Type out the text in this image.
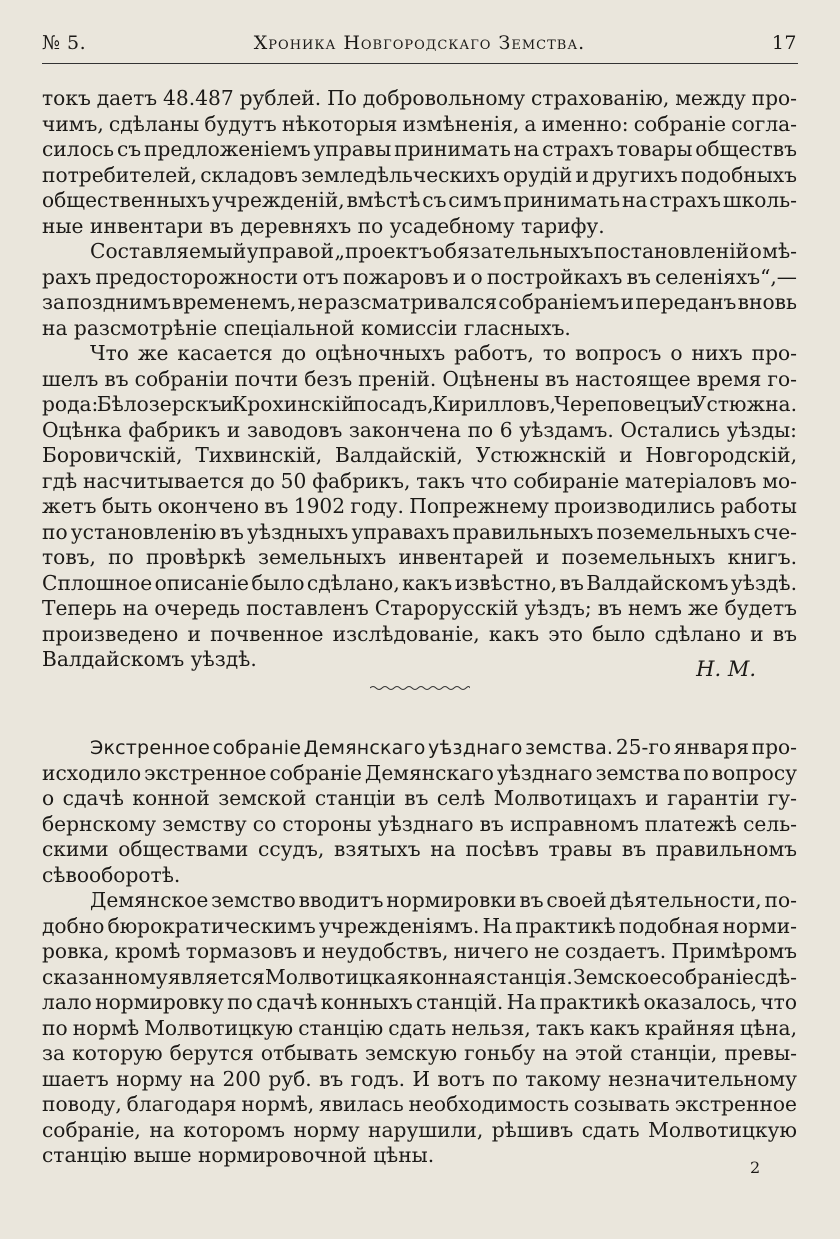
№ 5.	Хроника Новгородскаго Земства.	17
токъ даетъ 48.487 рублей. По добровольному страхованію, между про-
чимъ, сдѣланы будутъ нѣкоторыя измѣненія, а именно: собраніе согла-
силось съ предложеніемъ управы принимать на страхъ товары обществъ
потребителей, складовъ земледѣльческихъ орудій и другихъ подобныхъ
общественныхъ учрежденій, вмѣстѣ съ симъ принимать на страхъ школь-
ные инвентари въ деревняхъ по усадебному тарифу.
Составляемый управой „проектъ обязательныхъ постановленій о мѣ-
рахъ предосторожности отъ пожаровъ и о постройкахъ въ селеніяхъ“,—
за позднимъ временемъ, не разсматривался собраніемъ и переданъ вновь
на разсмотрѣніе спеціальной комиссіи гласныхъ.
Что же касается до оцѣночныхъ работъ, то вопросъ о нихъ про-
шелъ въ собраніи почти безъ преній. Оцѣнены въ настоящее время го-
рода: Бѣлозерскъ и Крохинскій посадъ, Кирилловъ, Череповецъ и Устюжна.
Оцѣнка фабрикъ и заводовъ закончена по 6 уѣздамъ. Остались уѣзды:
Боровичскій, Тихвинскій, Валдайскій, Устюжнскій и Новгородскій,
гдѣ насчитывается до 50 фабрикъ, такъ что собираніе матеріаловъ мо-
жетъ быть окончено въ 1902 году. Попрежнему производились работы
по установленію въ уѣздныхъ управахъ правильныхъ поземельныхъ сче-
товъ, по провѣркѣ земельныхъ инвентарей и поземельныхъ книгъ.
Сплошное описаніе было сдѣлано, какъ извѣстно, въ Валдайскомъ уѣздѣ.
Теперь на очередь поставленъ Старорусскій уѣздъ; въ немъ же будетъ
произведено и почвенное изслѣдованіе, какъ это было сдѣлано и въ
Валдайскомъ уѣздѣ.	Н. М.
Экстренное собраніе Демянскаго уѣзднаго земства. 25-го января про-
исходило экстренное собраніе Демянскаго уѣзднаго земства по вопросу
о сдачѣ конной земской станціи въ селѣ Молвотицахъ и гарантіи гу-
бернскому земству со стороны уѣзднаго въ исправномъ платежѣ сель-
скими обществами ссудъ, взятыхъ на посѣвъ травы въ правильномъ
сѣвооборотѣ.
Демянское земство вводитъ нормировки въ своей дѣятельности, по-
добно бюрократическимъ учрежденіямъ. На практикѣ подобная норми-
ровка, кромѣ тормазовъ и неудобствъ, ничего не создаетъ. Примѣромъ
сказанному является Молвотицкая конная станція. Земское собраніе сдѣ-
лало нормировку по сдачѣ конныхъ станцій. На практикѣ оказалось, что
по нормѣ Молвотицкую станцію сдать нельзя, такъ какъ крайняя цѣна,
за которую берутся отбывать земскую гоньбу на этой станціи, превы-
шаетъ норму на 200 руб. въ годъ. И вотъ по такому незначительному
поводу, благодаря нормѣ, явилась необходимость созывать экстренное
собраніе, на которомъ норму нарушили, рѣшивъ сдать Молвотицкую
станцію выше нормировочной цѣны.
2
